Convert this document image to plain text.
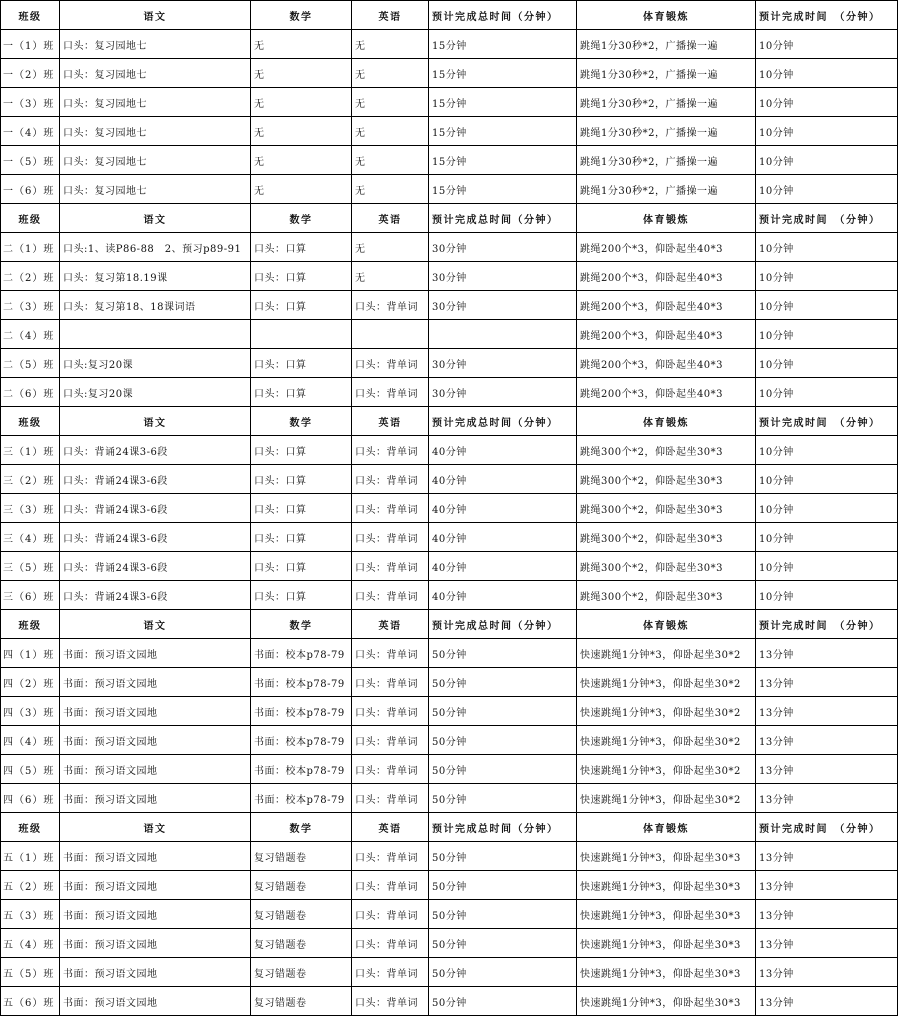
班级	语文	数学	英语	预计完成总时间（分钟）	体育锻炼	预计完成时间　（分钟）
一（1）班	口头：复习园地七	无	无	15分钟	跳绳1分30秒*2，广播操一遍	10分钟
一（2）班	口头：复习园地七	无	无	15分钟	跳绳1分30秒*2，广播操一遍	10分钟
一（3）班	口头：复习园地七	无	无	15分钟	跳绳1分30秒*2，广播操一遍	10分钟
一（4）班	口头：复习园地七	无	无	15分钟	跳绳1分30秒*2，广播操一遍	10分钟
一（5）班	口头：复习园地七	无	无	15分钟	跳绳1分30秒*2，广播操一遍	10分钟
一（6）班	口头：复习园地七	无	无	15分钟	跳绳1分30秒*2，广播操一遍	10分钟
班级	语文	数学	英语	预计完成总时间（分钟）	体育锻炼	预计完成时间　（分钟）
二（1）班	口头:1、读P86-88　2、预习p89-91	口头：口算	无	30分钟	跳绳200个*3，仰卧起坐40*3	10分钟
二（2）班	口头：复习第18.19课	口头：口算	无	30分钟	跳绳200个*3，仰卧起坐40*3	10分钟
二（3）班	口头：复习第18、18课词语	口头：口算	口头：背单词	30分钟	跳绳200个*3，仰卧起坐40*3	10分钟
二（4）班					跳绳200个*3，仰卧起坐40*3	10分钟
二（5）班	口头:复习20课	口头：口算	口头：背单词	30分钟	跳绳200个*3，仰卧起坐40*3	10分钟
二（6）班	口头:复习20课	口头：口算	口头：背单词	30分钟	跳绳200个*3，仰卧起坐40*3	10分钟
班级	语文	数学	英语	预计完成总时间（分钟）	体育锻炼	预计完成时间　（分钟）
三（1）班	口头：背诵24课3-6段	口头：口算	口头：背单词	40分钟	跳绳300个*2，仰卧起坐30*3	10分钟
三（2）班	口头：背诵24课3-6段	口头：口算	口头：背单词	40分钟	跳绳300个*2，仰卧起坐30*3	10分钟
三（3）班	口头：背诵24课3-6段	口头：口算	口头：背单词	40分钟	跳绳300个*2，仰卧起坐30*3	10分钟
三（4）班	口头：背诵24课3-6段	口头：口算	口头：背单词	40分钟	跳绳300个*2，仰卧起坐30*3	10分钟
三（5）班	口头：背诵24课3-6段	口头：口算	口头：背单词	40分钟	跳绳300个*2，仰卧起坐30*3	10分钟
三（6）班	口头：背诵24课3-6段	口头：口算	口头：背单词	40分钟	跳绳300个*2，仰卧起坐30*3	10分钟
班级	语文	数学	英语	预计完成总时间（分钟）	体育锻炼	预计完成时间　（分钟）
四（1）班	书面：预习语文园地	书面：校本p78-79	口头：背单词	50分钟	快速跳绳1分钟*3，仰卧起坐30*2	13分钟
四（2）班	书面：预习语文园地	书面：校本p78-79	口头：背单词	50分钟	快速跳绳1分钟*3，仰卧起坐30*2	13分钟
四（3）班	书面：预习语文园地	书面：校本p78-79	口头：背单词	50分钟	快速跳绳1分钟*3，仰卧起坐30*2	13分钟
四（4）班	书面：预习语文园地	书面：校本p78-79	口头：背单词	50分钟	快速跳绳1分钟*3，仰卧起坐30*2	13分钟
四（5）班	书面：预习语文园地	书面：校本p78-79	口头：背单词	50分钟	快速跳绳1分钟*3，仰卧起坐30*2	13分钟
四（6）班	书面：预习语文园地	书面：校本p78-79	口头：背单词	50分钟	快速跳绳1分钟*3，仰卧起坐30*2	13分钟
班级	语文	数学	英语	预计完成总时间（分钟）	体育锻炼	预计完成时间　（分钟）
五（1）班	书面：预习语文园地	复习错题卷	口头：背单词	50分钟	快速跳绳1分钟*3，仰卧起坐30*3	13分钟
五（2）班	书面：预习语文园地	复习错题卷	口头：背单词	50分钟	快速跳绳1分钟*3，仰卧起坐30*3	13分钟
五（3）班	书面：预习语文园地	复习错题卷	口头：背单词	50分钟	快速跳绳1分钟*3，仰卧起坐30*3	13分钟
五（4）班	书面：预习语文园地	复习错题卷	口头：背单词	50分钟	快速跳绳1分钟*3，仰卧起坐30*3	13分钟
五（5）班	书面：预习语文园地	复习错题卷	口头：背单词	50分钟	快速跳绳1分钟*3，仰卧起坐30*3	13分钟
五（6）班	书面：预习语文园地	复习错题卷	口头：背单词	50分钟	快速跳绳1分钟*3，仰卧起坐30*3	13分钟
